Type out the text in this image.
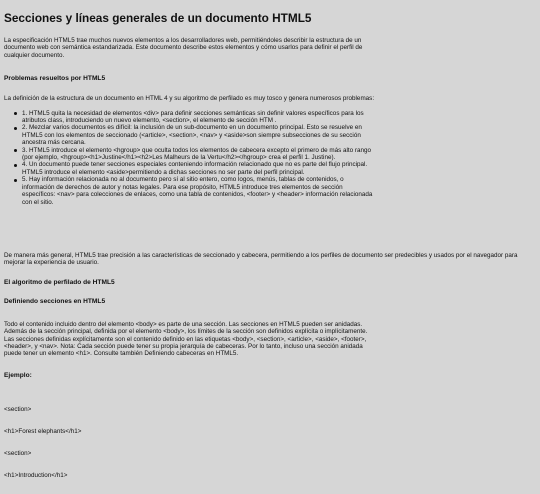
Secciones y líneas generales de un documento HTML5

La especificación HTML5 trae muchos nuevos elementos a los desarrolladores web, permitiéndoles describir la estructura de un documento web con semántica estandarizada. Este documento describe estos elementos y cómo usarlos para definir el perfil de cualquier documento.

Problemas resueltos por HTML5

La definición de la estructura de un documento en HTML 4 y su algoritmo de perfilado es muy tosco y genera numerosos problemas:

1. HTML5 quita la necesidad de elementos <div> para definir secciones semánticas sin definir valores específicos para los atributos class, introduciendo un nuevo elemento, <section>, el elemento de sección HTM .
2. Mezclar varios documentos es difícil: la inclusión de un sub-documento en un documento principal. Esto se resuelve en HTML5 con los elementos de seccionado (<article>, <section>, <nav> y <aside>son siempre subsecciones de su sección ancestra más cercana.
3. HTML5 introduce el elemento <hgroup> que oculta todos los elementos de cabecera excepto el primero de más alto rango (por ejemplo, <hgroup><h1>Justine</h1><h2>Les Malheurs de la Vertu</h2></hgroup> crea el perfil 1. Justine).
4. Un documento puede tener secciones especiales conteniendo información relacionado que no es parte del flujo principal. HTML5 introduce el elemento <aside>permitiendo a dichas secciones no ser parte del perfil principal.
5. Hay información relacionada no al documento pero sí al sitio entero, como logos, menús, tablas de contenidos, o información de derechos de autor y notas legales. Para ese propósito, HTML5 introduce tres elementos de sección específicos: <nav> para colecciones de enlaces, como una tabla de contenidos, <footer> y <header> información relacionada con el sitio.

De manera más general, HTML5 trae precisión a las características de seccionado y cabecera, permitiendo a los perfiles de documento ser predecibles y usados por el navegador para mejorar la experiencia de usuario.

El algoritmo de perfilado de HTML5
Definiendo secciones en HTML5

Todo el contenido incluido dentro del elemento <body> es parte de una sección. Las secciones en HTML5 pueden ser anidadas. Además de la sección principal, definida por el elemento <body>, los límites de la sección son definidos explícita o implícitamente. Las secciones definidas explícitamente son el contenido definido en las etiquetas <body>, <section>, <article>, <aside>, <footer>, <header>, y <nav>. Nota: Cada sección puede tener su propia jerarquía de cabeceras. Por lo tanto, incluso una sección anidada puede tener un elemento <h1>. Consulte también Definiendo cabeceras en HTML5.

Ejemplo:

<section>

<h1>Forest elephants</h1>

<section>

<h1>Introduction</h1>
